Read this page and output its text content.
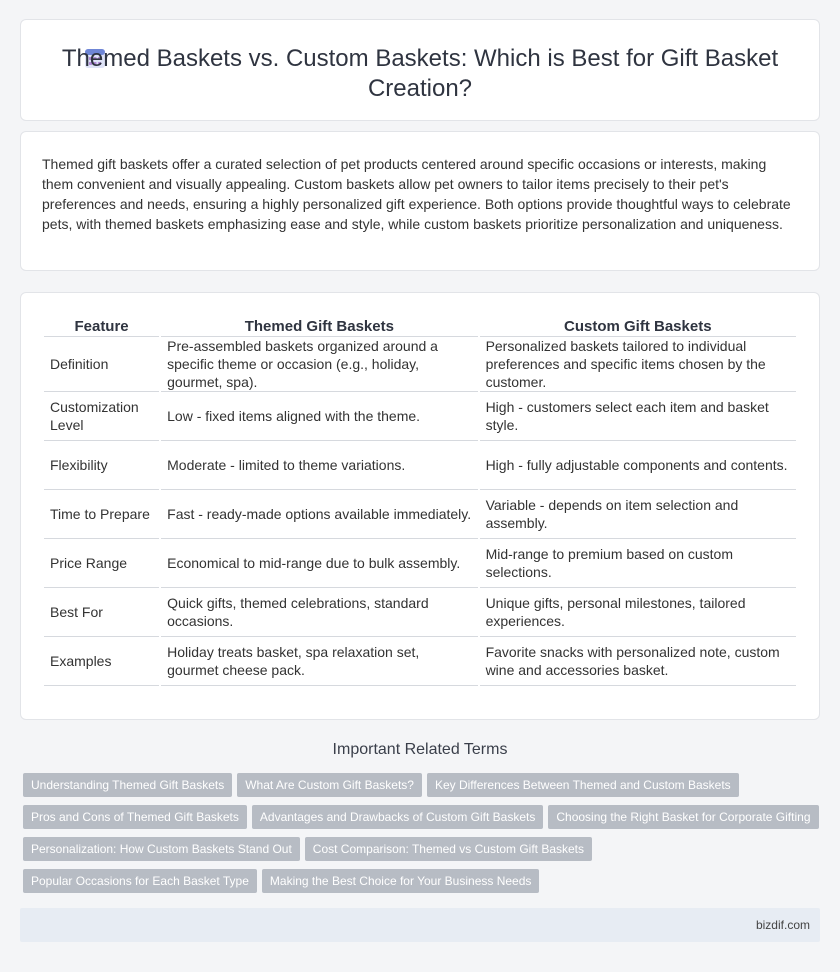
Themed Baskets vs. Custom Baskets: Which is Best for Gift Basket Creation?

Themed gift baskets offer a curated selection of pet products centered around specific occasions or interests, making them convenient and visually appealing. Custom baskets allow pet owners to tailor items precisely to their pet's preferences and needs, ensuring a highly personalized gift experience. Both options provide thoughtful ways to celebrate pets, with themed baskets emphasizing ease and style, while custom baskets prioritize personalization and uniqueness.

Feature	Themed Gift Baskets	Custom Gift Baskets
Definition	Pre-assembled baskets organized around a specific theme or occasion (e.g., holiday, gourmet, spa).	Personalized baskets tailored to individual preferences and specific items chosen by the customer.
Customization Level	Low - fixed items aligned with the theme.	High - customers select each item and basket style.
Flexibility	Moderate - limited to theme variations.	High - fully adjustable components and contents.
Time to Prepare	Fast - ready-made options available immediately.	Variable - depends on item selection and assembly.
Price Range	Economical to mid-range due to bulk assembly.	Mid-range to premium based on custom selections.
Best For	Quick gifts, themed celebrations, standard occasions.	Unique gifts, personal milestones, tailored experiences.
Examples	Holiday treats basket, spa relaxation set, gourmet cheese pack.	Favorite snacks with personalized note, custom wine and accessories basket.
Important Related Terms
Understanding Themed Gift Baskets What Are Custom Gift Baskets? Key Differences Between Themed and Custom Baskets
Pros and Cons of Themed Gift Baskets Advantages and Drawbacks of Custom Gift Baskets Choosing the Right Basket for Corporate Gifting
Personalization: How Custom Baskets Stand Out Cost Comparison: Themed vs Custom Gift Baskets
Popular Occasions for Each Basket Type Making the Best Choice for Your Business Needs
bizdif.com
